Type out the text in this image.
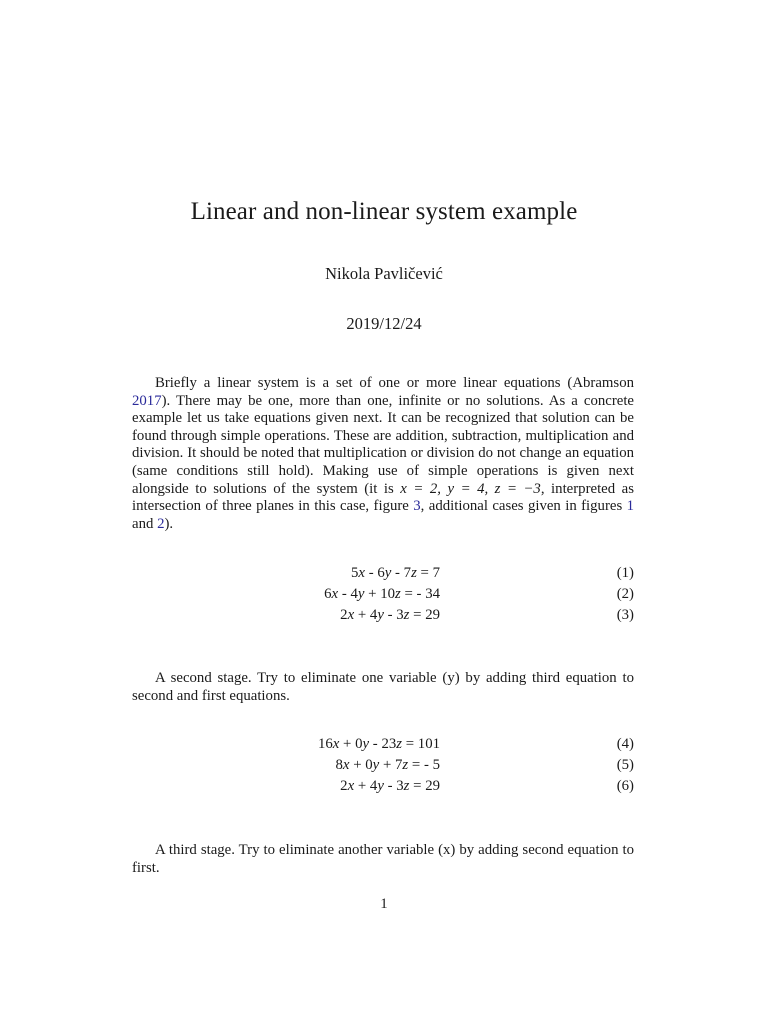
Linear and non-linear system example
Nikola Pavličević
2019/12/24
Briefly a linear system is a set of one or more linear equations (Abramson 2017). There may be one, more than one, infinite or no solutions. As a concrete example let us take equations given next. It can be recognized that solution can be found through simple operations. These are addition, subtraction, multiplication and division. It should be noted that multiplication or division do not change an equation (same conditions still hold). Making use of simple operations is given next alongside to solutions of the system (it is x = 2, y = 4, z = −3, interpreted as intersection of three planes in this case, figure 3, additional cases given in figures 1 and 2).
5x - 6y - 7z = 7	(1)
6x - 4y + 10z = - 34	(2)
2x + 4y - 3z = 29	(3)
A second stage. Try to eliminate one variable (y) by adding third equation to second and first equations.
16x + 0y - 23z = 101	(4)
8x + 0y + 7z = - 5	(5)
2x + 4y - 3z = 29	(6)
A third stage. Try to eliminate another variable (x) by adding second equation to first.
1
